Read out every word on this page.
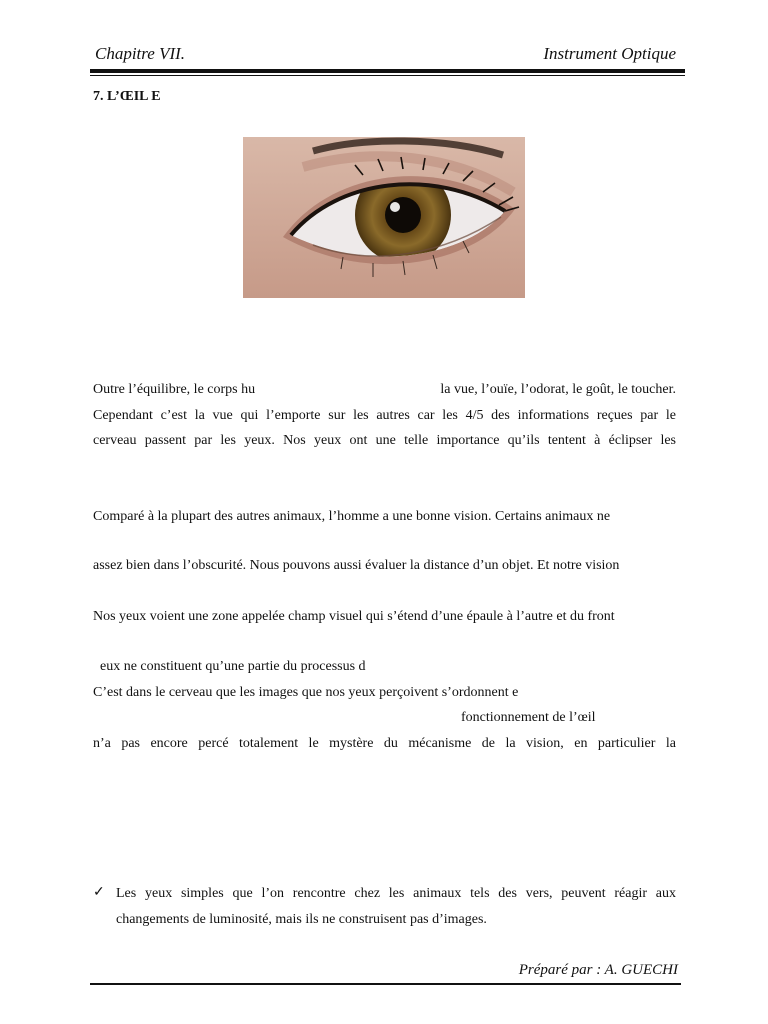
Chapitre VII.	Instrument Optique
7. L’ŒIL E
Outre l’équilibre, le corps hu	la vue, l’ouïe, l’odorat, le goût, le toucher.
Cependant c’est la vue qui l’emporte sur les autres car les 4/5 des informations reçues par le
cerveau passent par les yeux. Nos yeux ont une telle importance qu’ils tentent à éclipser les
Comparé à la plupart des autres animaux, l’homme a une bonne vision. Certains animaux ne
assez bien dans l’obscurité. Nous pouvons aussi évaluer la distance d’un objet. Et notre vision
Nos yeux voient une zone appelée champ visuel qui s’étend d’une épaule à l’autre et du front
eux ne constituent qu’une partie du processus d
C’est dans le cerveau que les images que nos yeux perçoivent s’ordonnent e
fonctionnement de l’œil
n’a pas encore percé totalement le mystère du mécanisme de la vision, en particulier la
✓ Les yeux simples que l’on rencontre chez les animaux tels des vers, peuvent réagir aux
changements de luminosité, mais ils ne construisent pas d’images.
Préparé par : A. GUECHI
